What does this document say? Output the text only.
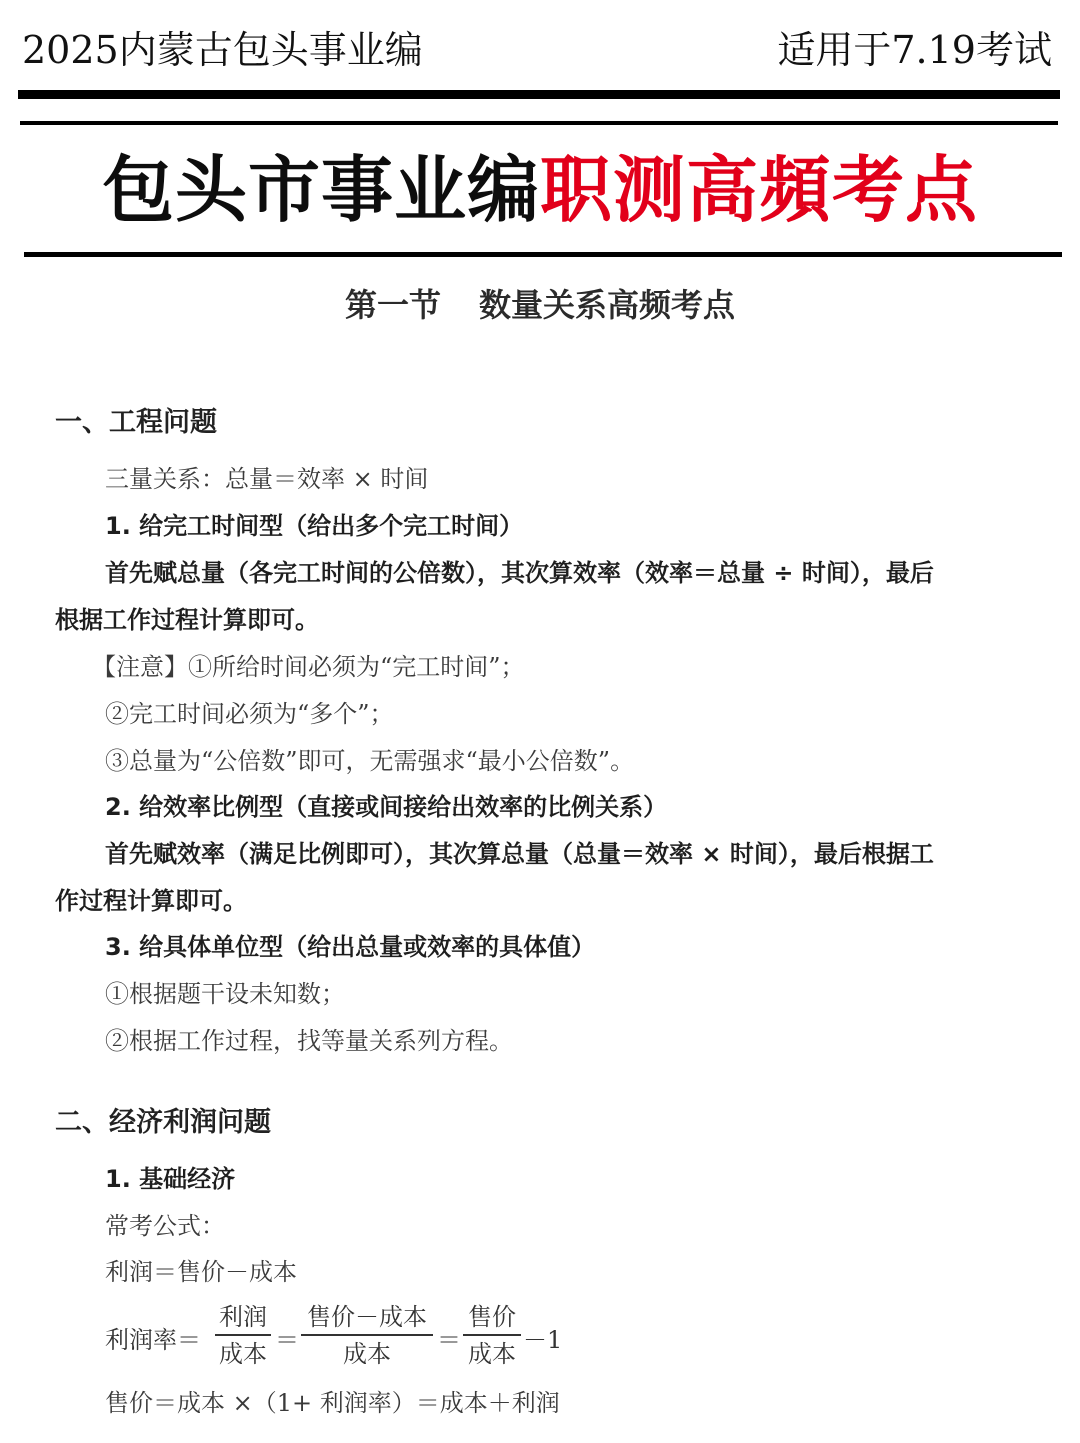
2025内蒙古包头事业编	适用于7.19考试
包头市事业编职测高頻考点
第一节 数量关系高频考点
一、工程问题
三量关系：总量＝效率 × 时间
1. 给完工时间型（给出多个完工时间）
首先赋总量（各完工时间的公倍数），其次算效率（效率＝总量 ÷ 时间），最后
根据工作过程计算即可。
【注意】①所给时间必须为“完工时间”；
②完工时间必须为“多个”；
③总量为“公倍数”即可，无需强求“最小公倍数”。
2. 给效率比例型（直接或间接给出效率的比例关系）
首先赋效率（满足比例即可），其次算总量（总量＝效率 × 时间），最后根据工
作过程计算即可。
3. 给具体单位型（给出总量或效率的具体值）
①根据题干设未知数；
②根据工作过程，找等量关系列方程。
二、经济利润问题
1. 基础经济
常考公式：
利润＝售价－成本
利润率＝
利润
成本 ＝
售价－成本
成本	＝
售价
成本 －1
售价＝成本 ×（1+ 利润率）＝成本＋利润
